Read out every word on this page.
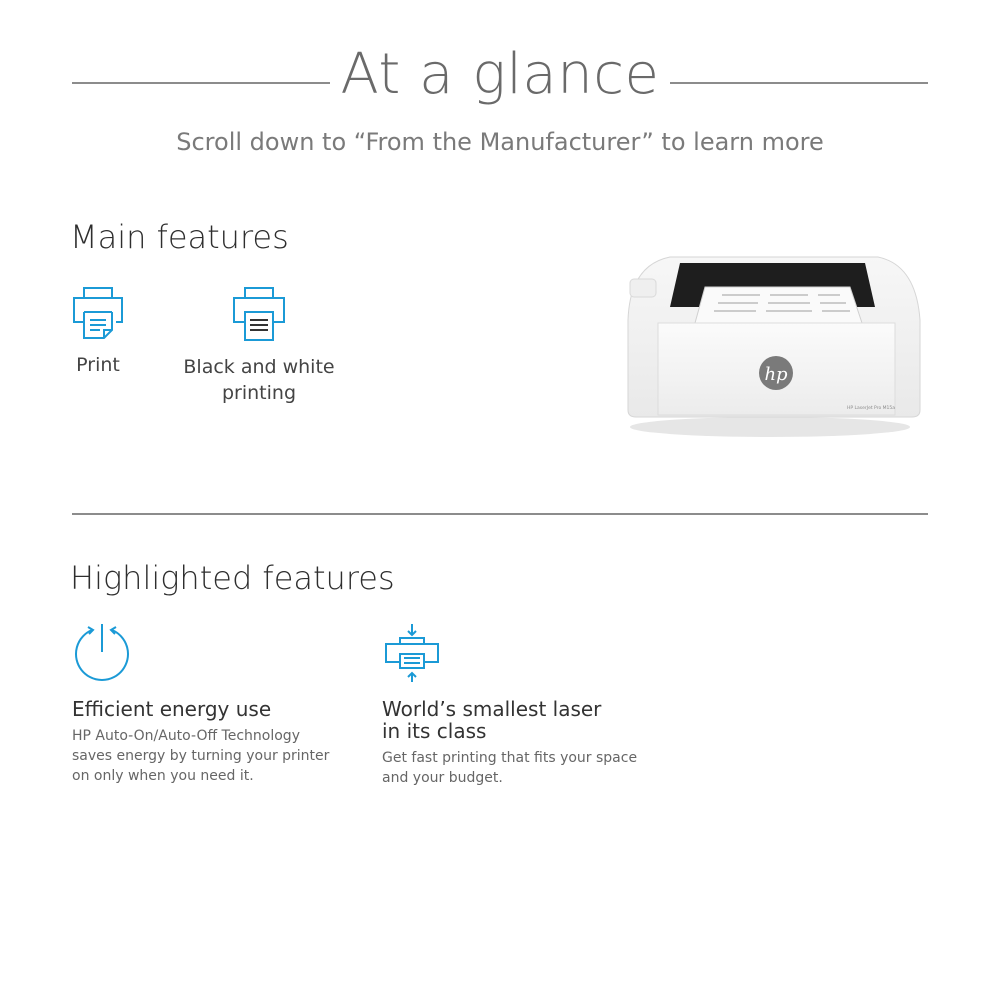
At a glance
Scroll down to “From the Manufacturer” to learn more
Main features
Print	Black and white
printing
hp
HP LaserJet Pro M15a
Highlighted features
Efficient energy use
HP Auto-On/Auto-Off Technology
saves energy by turning your printer
on only when you need it.
World’s smallest laser
in its class
Get fast printing that fits your space
and your budget.
